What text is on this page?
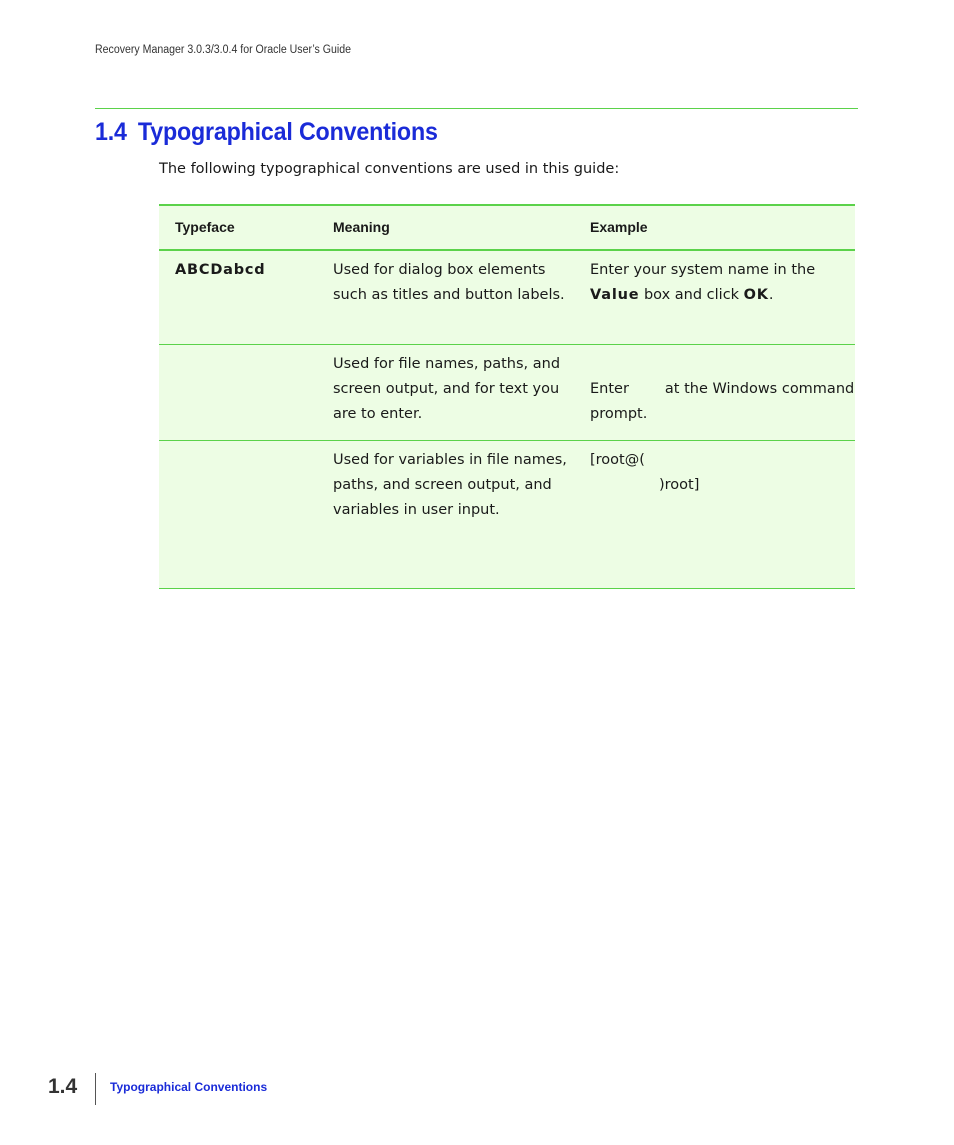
Recovery Manager 3.0.3/3.0.4 for Oracle User’s Guide
1.4 Typographical Conventions

The following typographical conventions are used in this guide:

Typeface	Meaning	Example
ABCDabcd	Used for dialog box elements such as titles and button labels.	Enter your system name in the Value box and click OK.
	Used for file names, paths, and screen output, and for text you are to enter.	Enter at the Windows command prompt.

	Used for variables in file names, paths, and screen output, and variables in user input.	[root@(
)root]
1.4	Typographical Conventions
